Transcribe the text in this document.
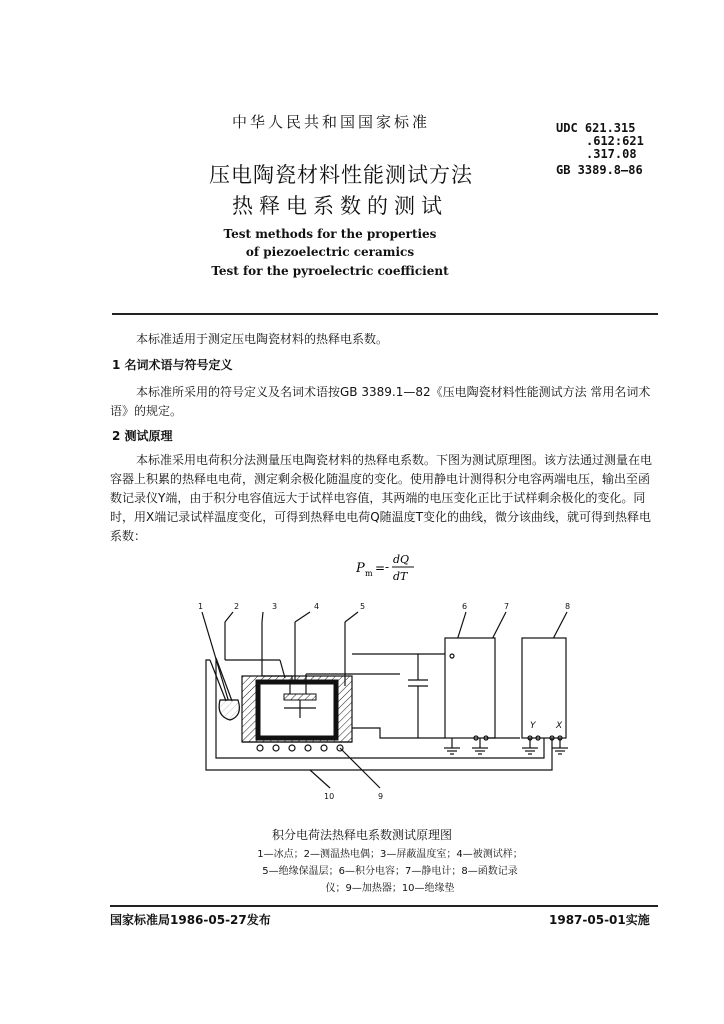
中华人民共和国国家标准	UDC 621.315
.612:621
.317.08
GB 3389.8—86
压电陶瓷材料性能测试方法
热释电系数的测试
Test methods for the properties
of piezoelectric ceramics
Test for the pyroelectric coefficient
本标准适用于测定压电陶瓷材料的热释电系数。
1 名词术语与符号定义
本标准所采用的符号定义及名词术语按GB 3389.1—82《压电陶瓷材料性能测试方法 常用名词术语》的规定。
2 测试原理
本标准采用电荷积分法测量压电陶瓷材料的热释电系数。下图为测试原理图。该方法通过测量在电容器上积累的热释电电荷，测定剩余极化随温度的变化。使用静电计测得积分电容两端电压，输出至函数记录仪Y端，由于积分电容值远大于试样电容值，其两端的电压变化正比于试样剩余极化的变化。同时，用X端记录试样温度变化，可得到热释电电荷Q随温度T变化的曲线，微分该曲线，就可得到热释电系数：
P m = -
dQ
dT
1	2	3	4	5	6	7	8
10	9
Y X
积分电荷法热释电系数测试原理图
1—冰点；2—测温热电偶；3—屏蔽温度室；4—被测试样；
5—绝缘保温层；6—积分电容；7—静电计；8—函数记录
仪；9—加热器；10—绝缘垫
国家标准局1986-05-27发布	1987-05-01实施
